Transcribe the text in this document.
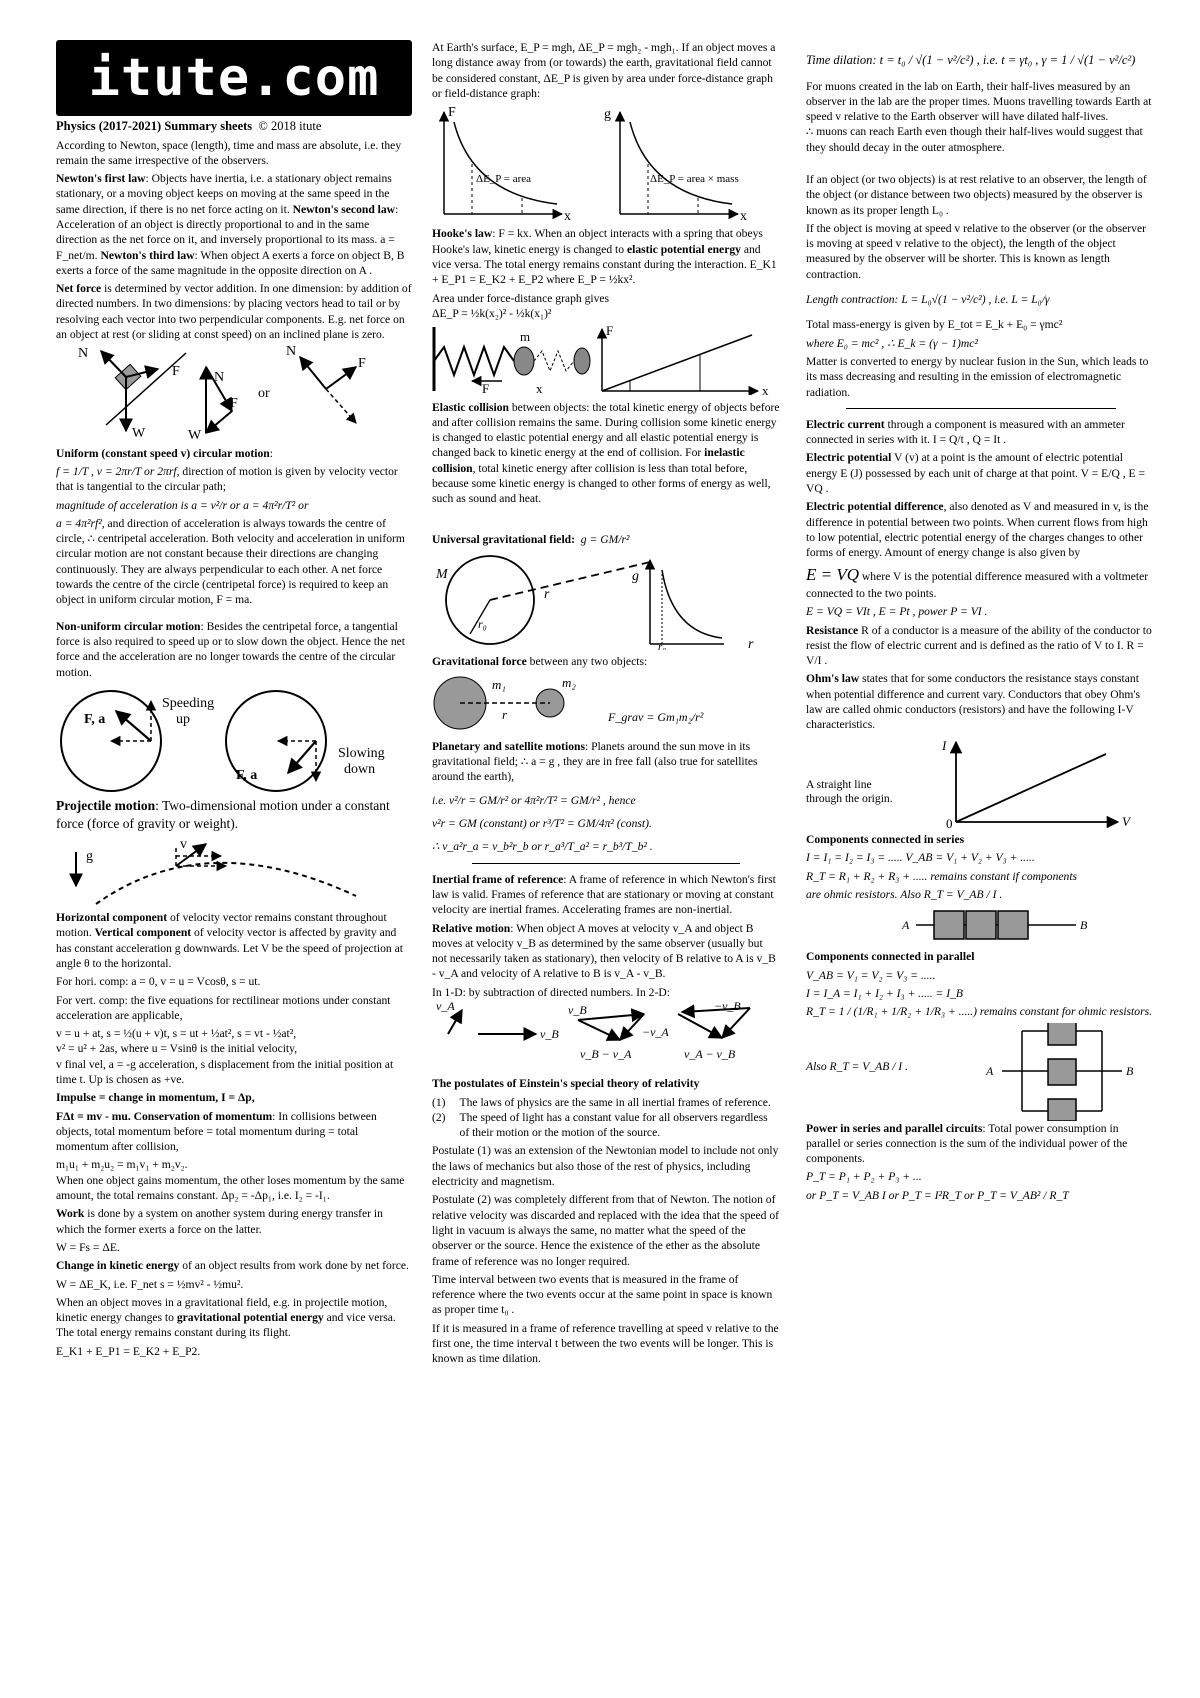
itute.com

Physics (2017-2021) Summary sheets © 2018 itute

According to Newton, space (length), time and mass are absolute, i.e. they remain the same irrespective of the observers.

Newton's first law: Objects have inertia, i.e. a stationary object remains stationary, or a moving object keeps on moving at the same speed in the same direction, if there is no net force acting on it. Newton's second law: Acceleration of an object is directly proportional to and in the same direction as the net force on it, and inversely proportional to its mass. a = F_net/m. Newton's third law: When object A exerts a force on object B, B exerts a force of the same magnitude in the opposite direction on A .

Net force is determined by vector addition. In one dimension: by addition of directed numbers. In two dimensions: by placing vectors head to tail or by resolving each vector into two perpendicular components. E.g. net force on an object at rest (or sliding at const speed) on an inclined plane is zero.

N
F
W
N
F
W
or
N
F

Uniform (constant speed v) circular motion:

f = 1/T , v = 2πr/T or 2πrf, direction of motion is given by velocity vector that is tangential to the circular path;

magnitude of acceleration is a = v²/r or a = 4π²r/T² or

a = 4π²rf², and direction of acceleration is always towards the centre of circle, ∴ centripetal acceleration. Both velocity and acceleration in uniform circular motion are not constant because their directions are changing continuously. They are always perpendicular to each other. A net force towards the centre of the circle (centripetal force) is required to keep an object in uniform circular motion, F = ma.

Non-uniform circular motion: Besides the centripetal force, a tangential force is also required to speed up or to slow down the object. Hence the net force and the acceleration are no longer towards the centre of the circular motion.

F, a
Speeding
up
F, a
Slowing
down

Projectile motion: Two-dimensional motion under a constant force (force of gravity or weight).

g
v

Horizontal component of velocity vector remains constant throughout motion. Vertical component of velocity vector is affected by gravity and has constant acceleration g downwards. Let V be the speed of projection at angle θ to the horizontal.

For hori. comp: a = 0, v = u = Vcosθ, s = ut.

For vert. comp: the five equations for rectilinear motions under constant acceleration are applicable,

v = u + at, s = ½(u + v)t, s = ut + ½at², s = vt - ½at²,

v² = u² + 2as, where u = Vsinθ is the initial velocity,

v final vel, a = -g acceleration, s displacement from the initial position at time t. Up is chosen as +ve.

Impulse = change in momentum, I = Δp,

FΔt = mv - mu. Conservation of momentum: In collisions between objects, total momentum before = total momentum during = total momentum after collision,

m₁u₁ + m₂u₂ = m₁v₁ + m₂v₂.

When one object gains momentum, the other loses momentum by the same amount, the total remains constant. Δp₂ = -Δp₁, i.e. I₂ = -I₁.

Work is done by a system on another system during energy transfer in which the former exerts a force on the latter.

W = Fs = ΔE.

Change in kinetic energy of an object results from work done by net force.

W = ΔE_K, i.e. F_net s = ½mv² - ½mu².

When an object moves in a gravitational field, e.g. in projectile motion, kinetic energy changes to gravitational potential energy and vice versa. The total energy remains constant during its flight.

E_K1 + E_P1 = E_K2 + E_P2.

At Earth's surface, E_P = mgh, ΔE_P = mgh₂ - mgh₁. If an object moves a long distance away from (or towards) the earth, gravitational field cannot be considered constant, ΔE_P is given by area under force-distance graph or field-distance graph:

F
x
ΔE_P = area
g
x
ΔE_P = area × mass

Hooke's law: F = kx. When an object interacts with a spring that obeys Hooke's law, kinetic energy is changed to elastic potential energy and vice versa. The total energy remains constant during the interaction. E_K1 + E_P1 = E_K2 + E_P2 where E_P = ½kx².

Area under force-distance graph gives

ΔE_P = ½k(x₂)² - ½k(x₁)²

F
m
x
F
x

Elastic collision between objects: the total kinetic energy of objects before and after collision remains the same. During collision some kinetic energy is changed to elastic potential energy and all elastic potential energy is changed back to kinetic energy at the end of collision. For inelastic collision, total kinetic energy after collision is less than total before, because some kinetic energy is changed to other forms of energy as well, such as sound and heat.

Universal gravitational field: g = GM/r²

M
r
r₀
g
r₀	r

Gravitational force between any two objects:

m₁	m₂
r	F_grav = Gm₁m₂/r²

Planetary and satellite motions: Planets around the sun move in its gravitational field; ∴ a = g , they are in free fall (also true for satellites around the earth),

i.e. v²/r = GM/r² or 4π²r/T² = GM/r² , hence

v²r = GM (constant) or r³/T² = GM/4π² (const).

∴ v_a²r_a = v_b²r_b or r_a³/T_a² = r_b³/T_b² .

Inertial frame of reference: A frame of reference in which Newton's first law is valid. Frames of reference that are stationary or moving at constant velocity are inertial frames. Accelerating frames are non-inertial.

Relative motion: When object A moves at velocity v_A and object B moves at velocity v_B as determined by the same observer (usually but not necessarily taken as stationary), then velocity of B relative to A is v_B - v_A and velocity of A relative to B is v_A - v_B.

In 1-D: by subtraction of directed numbers. In 2-D:

v_A
v_B
v_B
−v_A
v_B − v_A
−v_B
v_A − v_B

The postulates of Einstein's special theory of relativity

(1) The laws of physics are the same in all inertial frames of reference.
(2) The speed of light has a constant value for all observers regardless of their motion or the motion of the source.

Postulate (1) was an extension of the Newtonian model to include not only the laws of mechanics but also those of the rest of physics, including electricity and magnetism.

Postulate (2) was completely different from that of Newton. The notion of relative velocity was discarded and replaced with the idea that the speed of light in vacuum is always the same, no matter what the speed of the observer or the source. Hence the existence of the ether as the absolute frame of reference was no longer required.

Time interval between two events that is measured in the frame of reference where the two events occur at the same point in space is known as proper time t₀ .

If it is measured in a frame of reference travelling at speed v relative to the first one, the time interval t between the two events will be longer. This is known as time dilation.

Time dilation: t = t₀ / √(1 − v²/c²) , i.e. t = γt₀ , γ = 1 / √(1 − v²/c²)

For muons created in the lab on Earth, their half-lives measured by an observer in the lab are the proper times. Muons travelling towards Earth at speed v relative to the Earth observer will have dilated half-lives.

∴ muons can reach Earth even though their half-lives would suggest that they should decay in the outer atmosphere.

If an object (or two objects) is at rest relative to an observer, the length of the object (or distance between two objects) measured by the observer is known as its proper length L₀ .

If the object is moving at speed v relative to the observer (or the observer is moving at speed v relative to the object), the length of the object measured by the observer will be shorter. This is known as length contraction.

Length contraction: L = L₀√(1 − v²/c²) , i.e. L = L₀/γ

Total mass-energy is given by E_tot = E_k + E₀ = γmc²

where E₀ = mc² , ∴ E_k = (γ − 1)mc²

Matter is converted to energy by nuclear fusion in the Sun, which leads to its mass decreasing and resulting in the emission of electromagnetic radiation.

Electric current through a component is measured with an ammeter connected in series with it. I = Q/t , Q = It .

Electric potential V (v) at a point is the amount of electric potential energy E (J) possessed by each unit of charge at that point. V = E/Q , E = VQ .

Electric potential difference, also denoted as V and measured in v, is the difference in potential between two points. When current flows from high to low potential, electric potential energy of the charges changes to other forms of energy. Amount of energy change is also given by

E = VQ where V is the potential difference measured with a voltmeter connected to the two points.

E = VQ = VIt , E = Pt , power P = VI .

Resistance R of a conductor is a measure of the ability of the conductor to resist the flow of electric current and is defined as the ratio of V to I. R = V/I .

Ohm's law states that for some conductors the resistance stays constant when potential difference and current vary. Conductors that obey Ohm's law are called ohmic conductors (resistors) and have the following I-V characteristics.

I
V
0
A straight line
through the origin.

Components connected in series

I = I₁ = I₂ = I₃ = ..... V_AB = V₁ + V₂ + V₃ + .....

R_T = R₁ + R₂ + R₃ + ..... remains constant if components

are ohmic resistors. Also R_T = V_AB / I .

A	B

Components connected in parallel

V_AB = V₁ = V₂ = V₃ = .....

I = I_A = I₁ + I₂ + I₃ + ..... = I_B

R_T = 1 / (1/R₁ + 1/R₂ + 1/R₃ + .....) remains constant for ohmic resistors.

Also R_T = V_AB / I .	A	B

Power in series and parallel circuits: Total power consumption in parallel or series connection is the sum of the individual power of the components.

P_T = P₁ + P₂ + P₃ + ...

or P_T = V_AB I or P_T = I²R_T or P_T = V_AB² / R_T
